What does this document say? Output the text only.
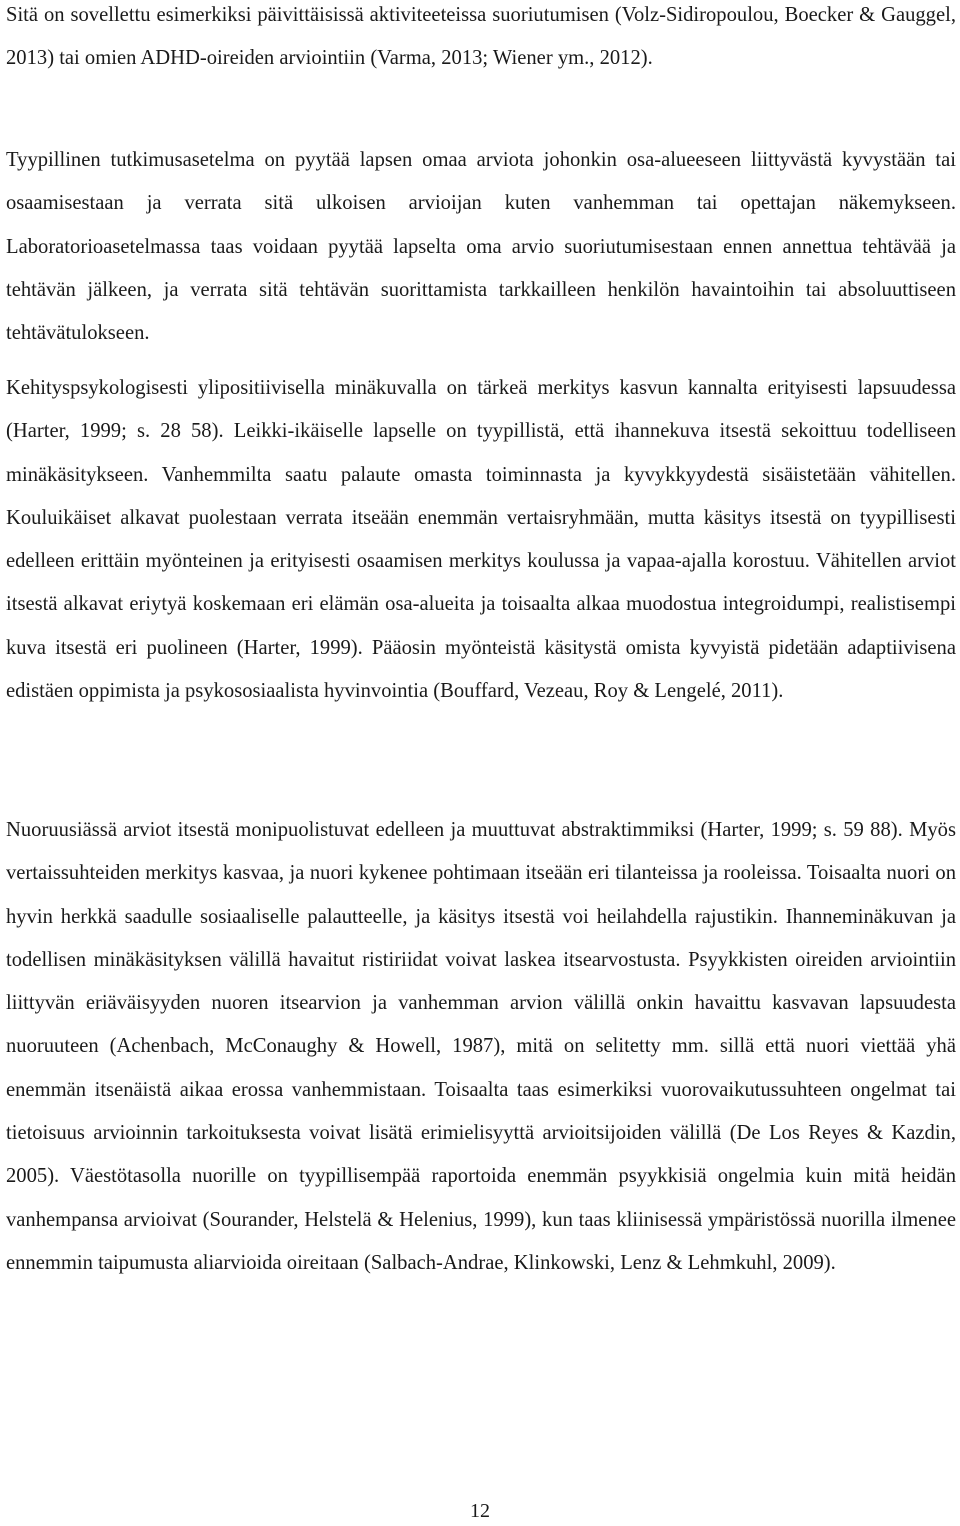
Sitä on sovellettu esimerkiksi päivittäisissä aktiviteeteissa suoriutumisen (Volz-Sidiropoulou, Boecker & Gauggel, 2013) tai omien ADHD-oireiden arviointiin (Varma, 2013; Wiener ym., 2012).

Tyypillinen tutkimusasetelma on pyytää lapsen omaa arviota johonkin osa-alueeseen liittyvästä kyvystään tai osaamisestaan ja verrata sitä ulkoisen arvioijan kuten vanhemman tai opettajan näkemykseen. Laboratorioasetelmassa taas voidaan pyytää lapselta oma arvio suoriutumisestaan ennen annettua tehtävää ja tehtävän jälkeen, ja verrata sitä tehtävän suorittamista tarkkailleen henkilön havaintoihin tai absoluuttiseen tehtävätulokseen.

Kehityspsykologisesti ylipositiivisella minäkuvalla on tärkeä merkitys kasvun kannalta erityisesti lapsuudessa (Harter, 1999; s. 28 58). Leikki-ikäiselle lapselle on tyypillistä, että ihannekuva itsestä sekoittuu todelliseen minäkäsitykseen. Vanhemmilta saatu palaute omasta toiminnasta ja kyvykkyydestä sisäistetään vähitellen. Kouluikäiset alkavat puolestaan verrata itseään enemmän vertaisryhmään, mutta käsitys itsestä on tyypillisesti edelleen erittäin myönteinen ja erityisesti osaamisen merkitys koulussa ja vapaa-ajalla korostuu. Vähitellen arviot itsestä alkavat eriytyä koskemaan eri elämän osa-alueita ja toisaalta alkaa muodostua integroidumpi, realistisempi kuva itsestä eri puolineen (Harter, 1999). Pääosin myönteistä käsitystä omista kyvyistä pidetään adaptiivisena edistäen oppimista ja psykososiaalista hyvinvointia (Bouffard, Vezeau, Roy & Lengelé, 2011).

Nuoruusiässä arviot itsestä monipuolistuvat edelleen ja muuttuvat abstraktimmiksi (Harter, 1999; s. 59 88). Myös vertaissuhteiden merkitys kasvaa, ja nuori kykenee pohtimaan itseään eri tilanteissa ja rooleissa. Toisaalta nuori on hyvin herkkä saadulle sosiaaliselle palautteelle, ja käsitys itsestä voi heilahdella rajustikin. Ihanneminäkuvan ja todellisen minäkäsityksen välillä havaitut ristiriidat voivat laskea itsearvostusta. Psyykkisten oireiden arviointiin liittyvän eriäväisyyden nuoren itsearvion ja vanhemman arvion välillä onkin havaittu kasvavan lapsuudesta nuoruuteen (Achenbach, McConaughy & Howell, 1987), mitä on selitetty mm. sillä että nuori viettää yhä enemmän itsenäistä aikaa erossa vanhemmistaan. Toisaalta taas esimerkiksi vuorovaikutussuhteen ongelmat tai tietoisuus arvioinnin tarkoituksesta voivat lisätä erimielisyyttä arvioitsijoiden välillä (De Los Reyes & Kazdin, 2005). Väestötasolla nuorille on tyypillisempää raportoida enemmän psyykkisiä ongelmia kuin mitä heidän vanhempansa arvioivat (Sourander, Helstelä & Helenius, 1999), kun taas kliinisessä ympäristössä nuorilla ilmenee ennemmin taipumusta aliarvioida oireitaan (Salbach-Andrae, Klinkowski, Lenz & Lehmkuhl, 2009).

12
